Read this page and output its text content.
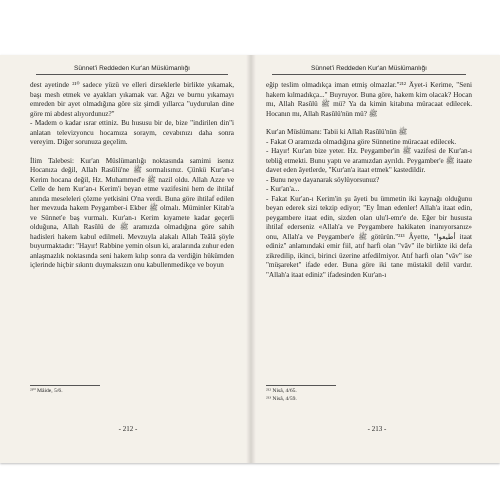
Sünnet'i Reddeden Kur'an Müslümanlığı

dest ayetinde ²¹⁰ sadece yüzü ve elleri dirseklerle birlikte yıkamak, başı mesh etmek ve ayakları yıkamak var. Ağzı ve burnu yıkamayı emreden bir ayet olmadığına göre siz şimdi yıllarca "uydurulan dine göre mi abdest alıyordunuz?"

- Madem o kadar ısrar ettiniz. Bu hususu bir de, bize "indirilen din"i anlatan televizyoncu hocamıza soraym, cevabınızı daha sonra vereyim. Diğer sorunuza geçelim.

İlim Talebesi: Kur'an Müslümanlığı noktasında samimi isenız Hocanıza değil, Allah Rasûlü'ne ﷺ sormalısınız. Çünkü Kur'an-ı Kerim hocana değil, Hz. Muhammed'e ﷺ nazil oldu. Allah Azze ve Celle de hem Kur'an-ı Kerim'i beyan etme vazifesini hem de ihtilaf anında meseleleri çözme yetkisini O'na verdi. Buna göre ihtilaf edilen her mevzuda hakem Peygamber-i Ekber ﷺ olmalı. Müminler Kitab'a ve Sünnet'e baş vurmalı. Kur'an-ı Kerim kıyamete kadar geçerli olduğuna, Allah Rasûlü de ﷺ aramızda olmadığına göre sahih hadisleri hakem kabul edilmeli. Mevzuyla alakalı Allah Teâlâ şöyle buyurmaktadır: "Hayır! Rabbine yemin olsun ki, aralarında zuhur eden anlaşmazlık noktasında seni hakem kılıp sonra da verdiğin hükümden içlerinde hiçbir sıkıntı duymaksızın onu kabullenmedikçe ve boyun

²¹⁰ Mâide, 5/6.
- 212 -
Sünnet'i Reddeden Kur'an Müslümanlığı

eğip teslim olmadıkça iman etmiş olmazlar."²¹² Âyet-i Kerime, "Seni hakem kılmadıkça..." Buyruyor. Buna göre, hakem kim olacak? Hocan mı, Allah Rasûlü ﷺ mü? Ya da kimin kitabına müracaat edilecek. Hocanın mı, Allah Rasûlü'nün mü? ﷺ

Kur'an Müslümanı: Tabii ki Allah Rasûlü'nün ﷺ

- Fakat O aramızda olmadığına göre Sünnetine müracaat edilecek.

- Hayır! Kur'an bize yeter. Hz. Peygamber'in ﷺ vazifesi de Kur'an-ı tebliğ etmekti. Bunu yaptı ve aramızdan ayrıldı. Peygamber'e ﷺ itaate davet eden âyetlerde, "Kur'an'a itaat etmek" kastedildir.

- Bunu neye dayanarak söylüyorsunuz?

- Kur'an'a...

- Fakat Kur'an-ı Kerim'in şu âyeti bu ümmetin iki kaynağı olduğunu beyan ederek sizi tekzip ediyor; "Ey İman edenler! Allah'a itaat edin, peygambere itaat edin, sizden olan ulu'l-emr'e de. Eğer bir hususta ihtilaf ederseniz «Allah'a ve Peygambere hakikaten inanıyorsanız» onu, Allah'a ve Peygamber'e ﷺ götürün."²¹³ Âyette, "أطيعوا itaat ediniz" anlamındaki emir fiil, atıf harfi olan "vâv" ile birlikte iki defa zikredilip, ikinci, birinci üzerine atfedilmiyor. Atıf harfi olan "vâv" ise "müşareket" ifade eder. Buna göre iki tane müstakil delil vardır. "Allah'a itaat ediniz" ifadesinden Kur'an-ı

²¹² Nisâ, 4/65.
²¹³ Nisâ, 4/59.
- 213 -
